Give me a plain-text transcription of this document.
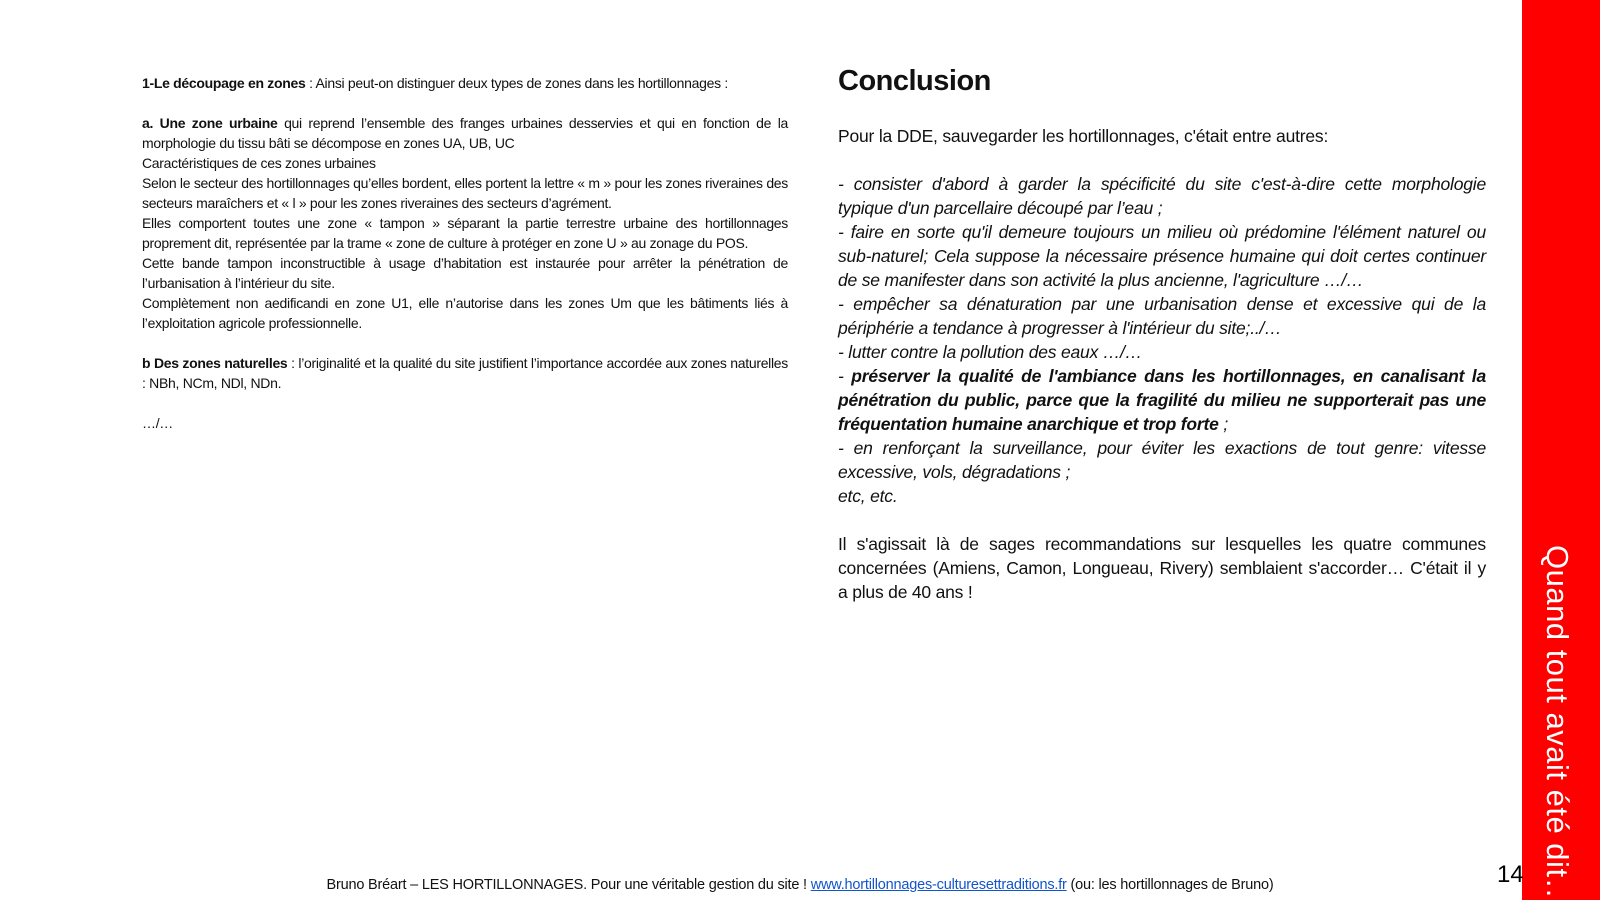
1-Le découpage en zones : Ainsi peut-on distinguer deux types de zones dans les hortillonnages :

a. Une zone urbaine qui reprend l’ensemble des franges urbaines desservies et qui en fonction de la morphologie du tissu bâti se décompose en zones UA, UB, UC

Caractéristiques de ces zones urbaines

Selon le secteur des hortillonnages qu’elles bordent, elles portent la lettre « m » pour les zones riveraines des secteurs maraîchers et « l » pour les zones riveraines des secteurs d’agrément.

Elles comportent toutes une zone « tampon » séparant la partie terrestre urbaine des hortillonnages proprement dit, représentée par la trame « zone de culture à protéger en zone U » au zonage du POS.

Cette bande tampon inconstructible à usage d’habitation est instaurée pour arrêter la pénétration de l’urbanisation à l’intérieur du site.

Complètement non aedificandi en zone U1, elle n’autorise dans les zones Um que les bâtiments liés à l’exploitation agricole professionnelle.

b Des zones naturelles : l’originalité et la qualité du site justifient l’importance accordée aux zones naturelles : NBh, NCm, NDl, NDn.

…/…

Conclusion

Pour la DDE, sauvegarder les hortillonnages, c'était entre autres:

- consister d'abord à garder la spécificité du site c'est-à-dire cette morphologie typique d'un parcellaire découpé par l’eau ;

- faire en sorte qu'il demeure toujours un milieu où prédomine l'élément naturel ou sub-naturel; Cela suppose la nécessaire présence humaine qui doit certes continuer de se manifester dans son activité la plus ancienne, l'agriculture …/…

- empêcher sa dénaturation par une urbanisation dense et excessive qui de la périphérie a tendance à progresser à l'intérieur du site;../…

- lutter contre la pollution des eaux …/…

- préserver la qualité de l'ambiance dans les hortillonnages, en canalisant la pénétration du public, parce que la fragilité du milieu ne supporterait pas une fréquentation humaine anarchique et trop forte ;

- en renforçant la surveillance, pour éviter les exactions de tout genre: vitesse excessive, vols, dégradations ;

etc, etc.

Il s'agissait là de sages recommandations sur lesquelles les quatre communes concernées (Amiens, Camon, Longueau, Rivery) semblaient s'accorder… C'était il y a plus de 40 ans !	Quand tout avait été dit…
14
Bruno Bréart – LES HORTILLONNAGES. Pour une véritable gestion du site ! www.hortillonnages-culturesettraditions.fr (ou: les hortillonnages de Bruno)
